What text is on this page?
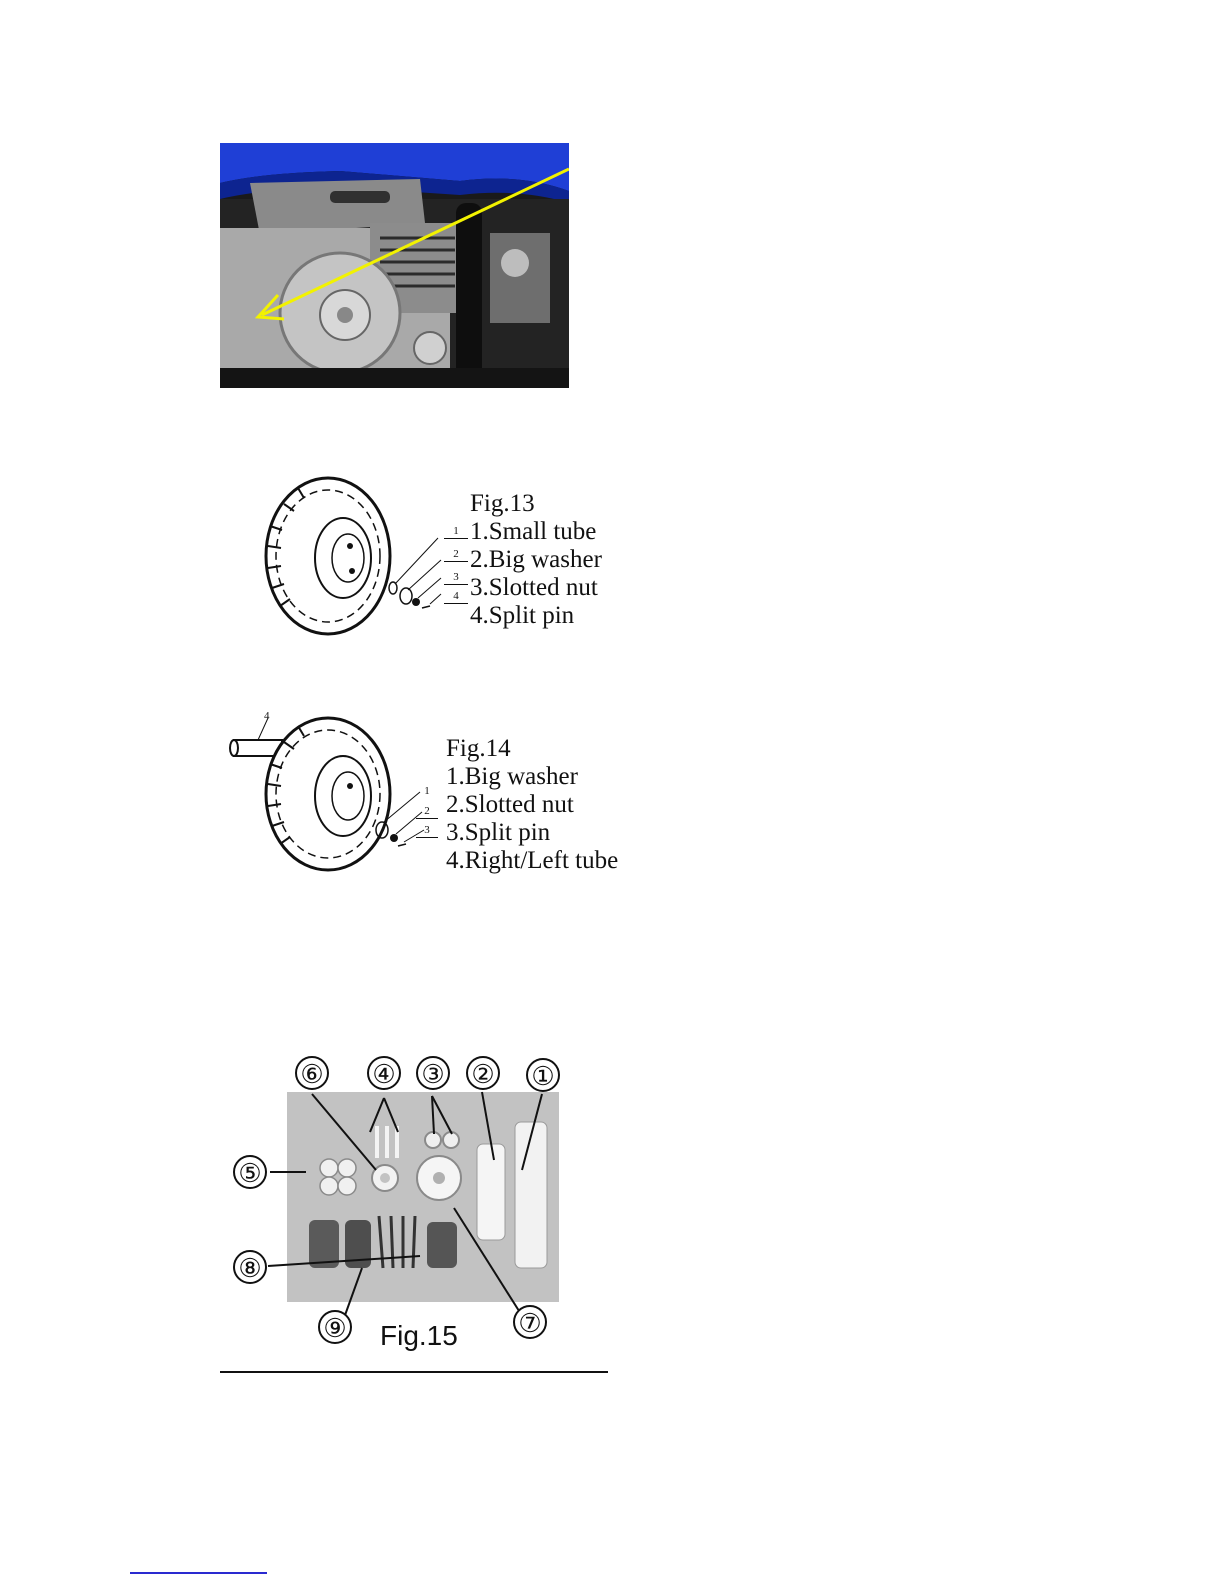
1
2
3
4
Fig.13
1.Small tube
2.Big washer
3.Slotted nut
4.Split pin
4
1
2
3
Fig.14
1.Big washer
2.Slotted nut
3.Split pin
4.Right/Left tube
①
②
③
④
⑤
⑥
⑦
⑧
⑨ Fig.15
